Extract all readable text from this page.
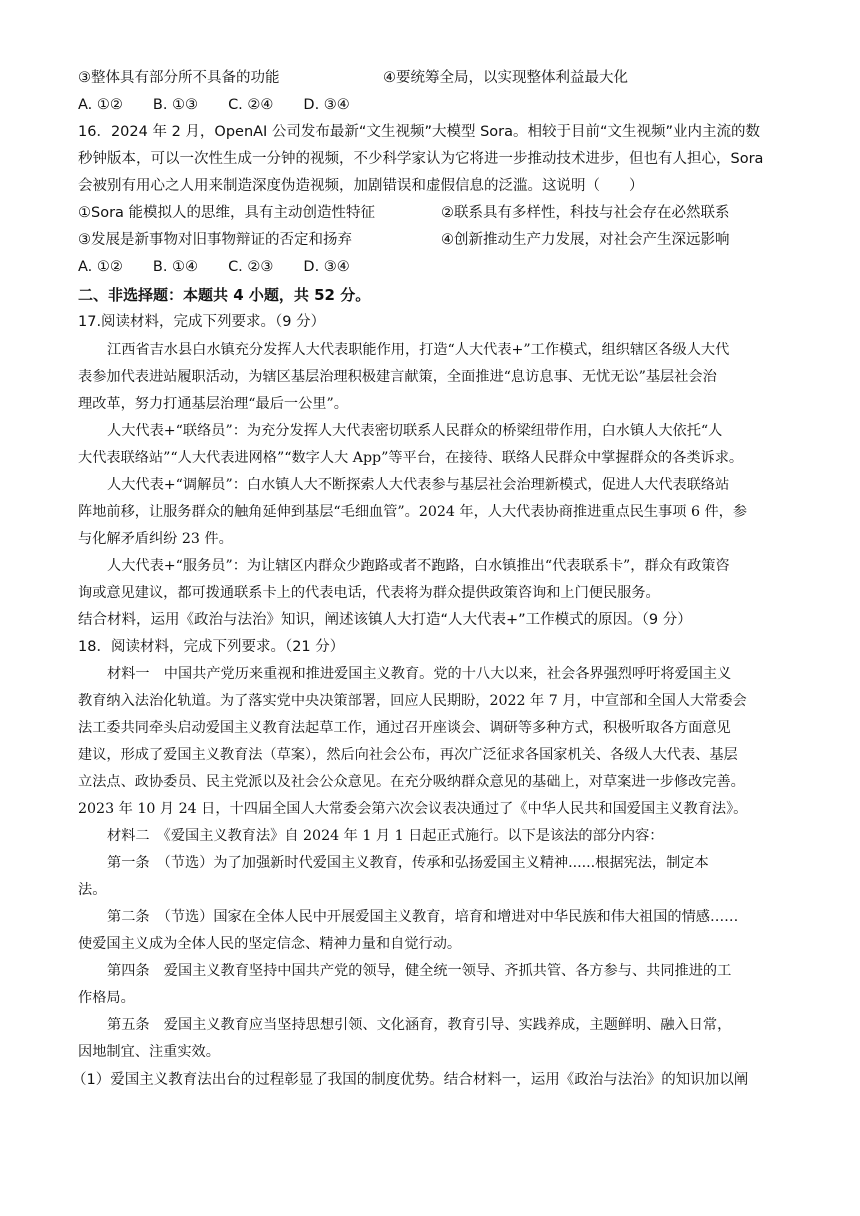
③整体具有部分所不具备的功能	④要统筹全局，以实现整体利益最大化
A. ①② B. ①③ C. ②④ D. ③④
16．2024 年 2 月，OpenAI 公司发布最新“文生视频”大模型 Sora。相较于目前“文生视频”业内主流的数
秒钟版本，可以一次性生成一分钟的视频，不少科学家认为它将进一步推动技术进步，但也有人担心，Sora
会被别有用心之人用来制造深度伪造视频，加剧错误和虚假信息的泛滥。这说明（　　）
①Sora 能模拟人的思维，具有主动创造性特征	②联系具有多样性，科技与社会存在必然联系
③发展是新事物对旧事物辩证的否定和扬弃	④创新推动生产力发展，对社会产生深远影响
A. ①② B. ①④ C. ②③ D. ③④
二、非选择题：本题共 4 小题，共 52 分。
17.阅读材料，完成下列要求。（9 分）
江西省吉水县白水镇充分发挥人大代表职能作用，打造“人大代表+”工作模式，组织辖区各级人大代
表参加代表进站履职活动，为辖区基层治理积极建言献策，全面推进“息访息事、无忧无讼”基层社会治
理改革，努力打通基层治理“最后一公里”。
人大代表+“联络员”：为充分发挥人大代表密切联系人民群众的桥梁纽带作用，白水镇人大依托“人
大代表联络站”“人大代表进网格”“数字人大 App”等平台，在接待、联络人民群众中掌握群众的各类诉求。
人大代表+“调解员”：白水镇人大不断探索人大代表参与基层社会治理新模式，促进人大代表联络站
阵地前移，让服务群众的触角延伸到基层“毛细血管”。2024 年，人大代表协商推进重点民生事项 6 件，参
与化解矛盾纠纷 23 件。
人大代表+“服务员”：为让辖区内群众少跑路或者不跑路，白水镇推出“代表联系卡”，群众有政策咨
询或意见建议，都可拨通联系卡上的代表电话，代表将为群众提供政策咨询和上门便民服务。
结合材料，运用《政治与法治》知识，阐述该镇人大打造“人大代表+”工作模式的原因。（9 分）
18．阅读材料，完成下列要求。（21 分）
材料一　中国共产党历来重视和推进爱国主义教育。党的十八大以来，社会各界强烈呼吁将爱国主义
教育纳入法治化轨道。为了落实党中央决策部署，回应人民期盼，2022 年 7 月，中宣部和全国人大常委会
法工委共同牵头启动爱国主义教育法起草工作，通过召开座谈会、调研等多种方式，积极听取各方面意见
建议，形成了爱国主义教育法（草案），然后向社会公布，再次广泛征求各国家机关、各级人大代表、基层
立法点、政协委员、民主党派以及社会公众意见。在充分吸纳群众意见的基础上，对草案进一步修改完善。
2023 年 10 月 24 日，十四届全国人大常委会第六次会议表决通过了《中华人民共和国爱国主义教育法》。
材料二　《爱国主义教育法》自 2024 年 1 月 1 日起正式施行。以下是该法的部分内容：
第一条　（节选）为了加强新时代爱国主义教育，传承和弘扬爱国主义精神......根据宪法，制定本
法。
第二条　（节选）国家在全体人民中开展爱国主义教育，培育和增进对中华民族和伟大祖国的情感……
使爱国主义成为全体人民的坚定信念、精神力量和自觉行动。
第四条　爱国主义教育坚持中国共产党的领导，健全统一领导、齐抓共管、各方参与、共同推进的工
作格局。
第五条　爱国主义教育应当坚持思想引领、文化涵育，教育引导、实践养成，主题鲜明、融入日常，
因地制宜、注重实效。
（1）爱国主义教育法出台的过程彰显了我国的制度优势。结合材料一，运用《政治与法治》的知识加以阐
